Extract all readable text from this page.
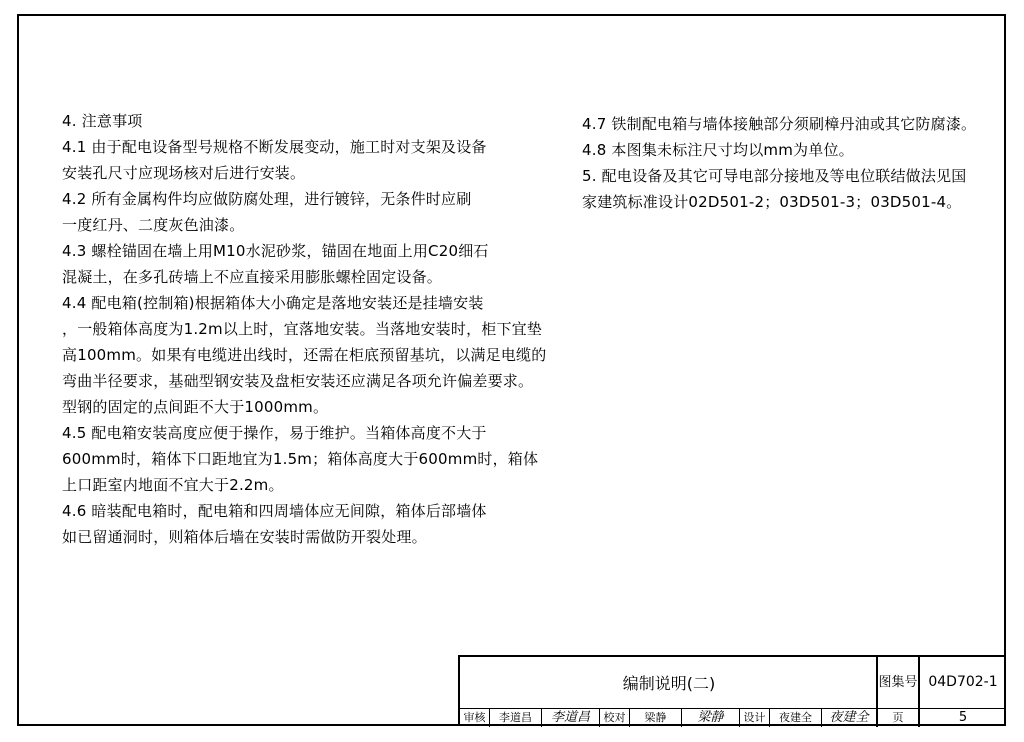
4. 注意事项
4.1 由于配电设备型号规格不断发展变动，施工时对支架及设备
安装孔尺寸应现场核对后进行安装。
4.2 所有金属构件均应做防腐处理，进行镀锌，无条件时应刷
一度红丹、二度灰色油漆。
4.3 螺栓锚固在墙上用M10水泥砂浆，锚固在地面上用C20细石
混凝土，在多孔砖墙上不应直接采用膨胀螺栓固定设备。
4.4 配电箱(控制箱)根据箱体大小确定是落地安装还是挂墙安装
，一般箱体高度为1.2m以上时，宜落地安装。当落地安装时，柜下宜垫
高100mm。如果有电缆进出线时，还需在柜底预留基坑，以满足电缆的
弯曲半径要求，基础型钢安装及盘柜安装还应满足各项允许偏差要求。
型钢的固定的点间距不大于1000mm。
4.5 配电箱安装高度应便于操作，易于维护。当箱体高度不大于
600mm时，箱体下口距地宜为1.5m；箱体高度大于600mm时，箱体
上口距室内地面不宜大于2.2m。
4.6 暗装配电箱时，配电箱和四周墙体应无间隙，箱体后部墙体
如已留通洞时，则箱体后墙在安装时需做防开裂处理。
4.7 铁制配电箱与墙体接触部分须刷樟丹油或其它防腐漆。
4.8 本图集未标注尺寸均以mm为单位。
5. 配电设备及其它可导电部分接地及等电位联结做法见国
家建筑标准设计02D501-2；03D501-3；03D501-4。
编制说明(二)	图集号 04D702-1
审核	李道昌	李道昌	校对	梁静	梁静	设计	夜建全	夜建全	页	5
